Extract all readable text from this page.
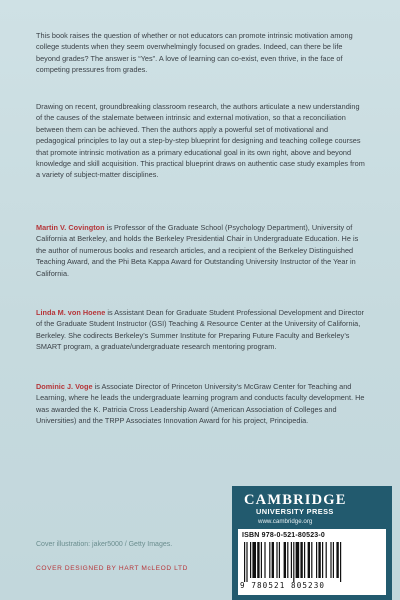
This book raises the question of whether or not educators can promote intrinsic motivation among college students when they seem overwhelmingly focused on grades. Indeed, can there be life beyond grades? The answer is “Yes”. A love of learning can co-exist, even thrive, in the face of competing pressures from grades.

Drawing on recent, groundbreaking classroom research, the authors articulate a new understanding of the causes of the stalemate between intrinsic and external motivation, so that a reconciliation between them can be achieved. Then the authors apply a powerful set of motivational and pedagogical principles to lay out a step-by-step blueprint for designing and teaching college courses that promote intrinsic motivation as a primary educational goal in its own right, above and beyond knowledge and skill acquisition. This practical blueprint draws on authentic case study examples from a variety of subject-matter disciplines.

Martin V. Covington is Professor of the Graduate School (Psychology Department), University of California at Berkeley, and holds the Berkeley Presidential Chair in Undergraduate Education. He is the author of numerous books and research articles, and a recipient of the Berkeley Distinguished Teaching Award, and the Phi Beta Kappa Award for Outstanding University Instructor of the Year in California.

Linda M. von Hoene is Assistant Dean for Graduate Student Professional Development and Director of the Graduate Student Instructor (GSI) Teaching & Resource Center at the University of California, Berkeley. She codirects Berkeley’s Summer Institute for Preparing Future Faculty and Berkeley’s SMART program, a graduate/undergraduate research mentoring program.

Dominic J. Voge is Associate Director of Princeton University’s McGraw Center for Teaching and Learning, where he leads the undergraduate learning program and conducts faculty development. He was awarded the K. Patricia Cross Leadership Award (American Association of Colleges and Universities) and the TRPP Associates Innovation Award for his project, Principedia.

Cover illustration: jaker5000 / Getty Images.
COVER DESIGNED BY HART McLEOD LTD
CAMBRIDGE
UNIVERSITY PRESS
www.cambridge.org
ISBN 978-0-521-80523-0
9 780521 805230
